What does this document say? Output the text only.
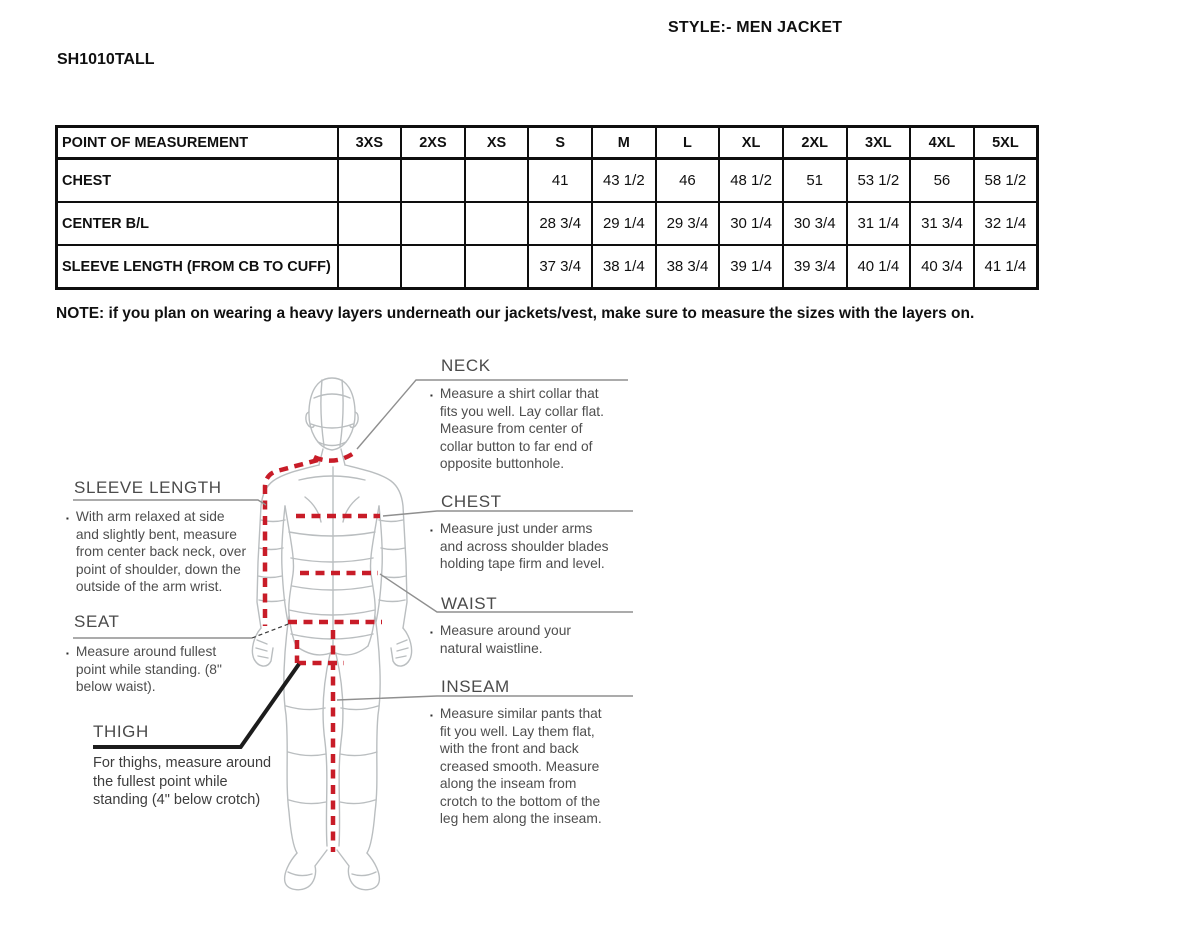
STYLE:- MEN JACKET
SH1010TALL
NOTE: if you plan on wearing a heavy layers underneath our jackets/vest, make sure to measure the sizes with the layers on.
POINT OF MEASUREMENT	3XS	2XS	XS	S	M	L	XL	2XL	3XL	4XL	5XL
CHEST				41	43 1/2	46	48 1/2	51	53 1/2	56	58 1/2
CENTER B/L				28 3/4	29 1/4	29 3/4	30 1/4	30 3/4	31 1/4	31 3/4	32 1/4
SLEEVE LENGTH (FROM CB TO CUFF)				37 3/4	38 1/4	38 3/4	39 1/4	39 3/4	40 1/4	40 3/4	41 1/4
NECK
▪ Measure a shirt collar that fits you well. Lay collar flat. Measure from center of collar button to far end of opposite buttonhole.
SLEEVE LENGTH
▪ With arm relaxed at side and slightly bent, measure from center back neck, over point of shoulder, down the outside of the arm wrist.
CHEST
▪ Measure just under arms and across shoulder blades holding tape firm and level.
WAIST
▪ Measure around your natural waistline.
SEAT
▪ Measure around fullest point while standing. (8" below waist).	INSEAM
▪ Measure similar pants that fit you well. Lay them flat, with the front and back creased smooth. Measure along the inseam from crotch to the bottom of the leg hem along the inseam.
THIGH
For thighs, measure around the fullest point while standing (4" below crotch)
